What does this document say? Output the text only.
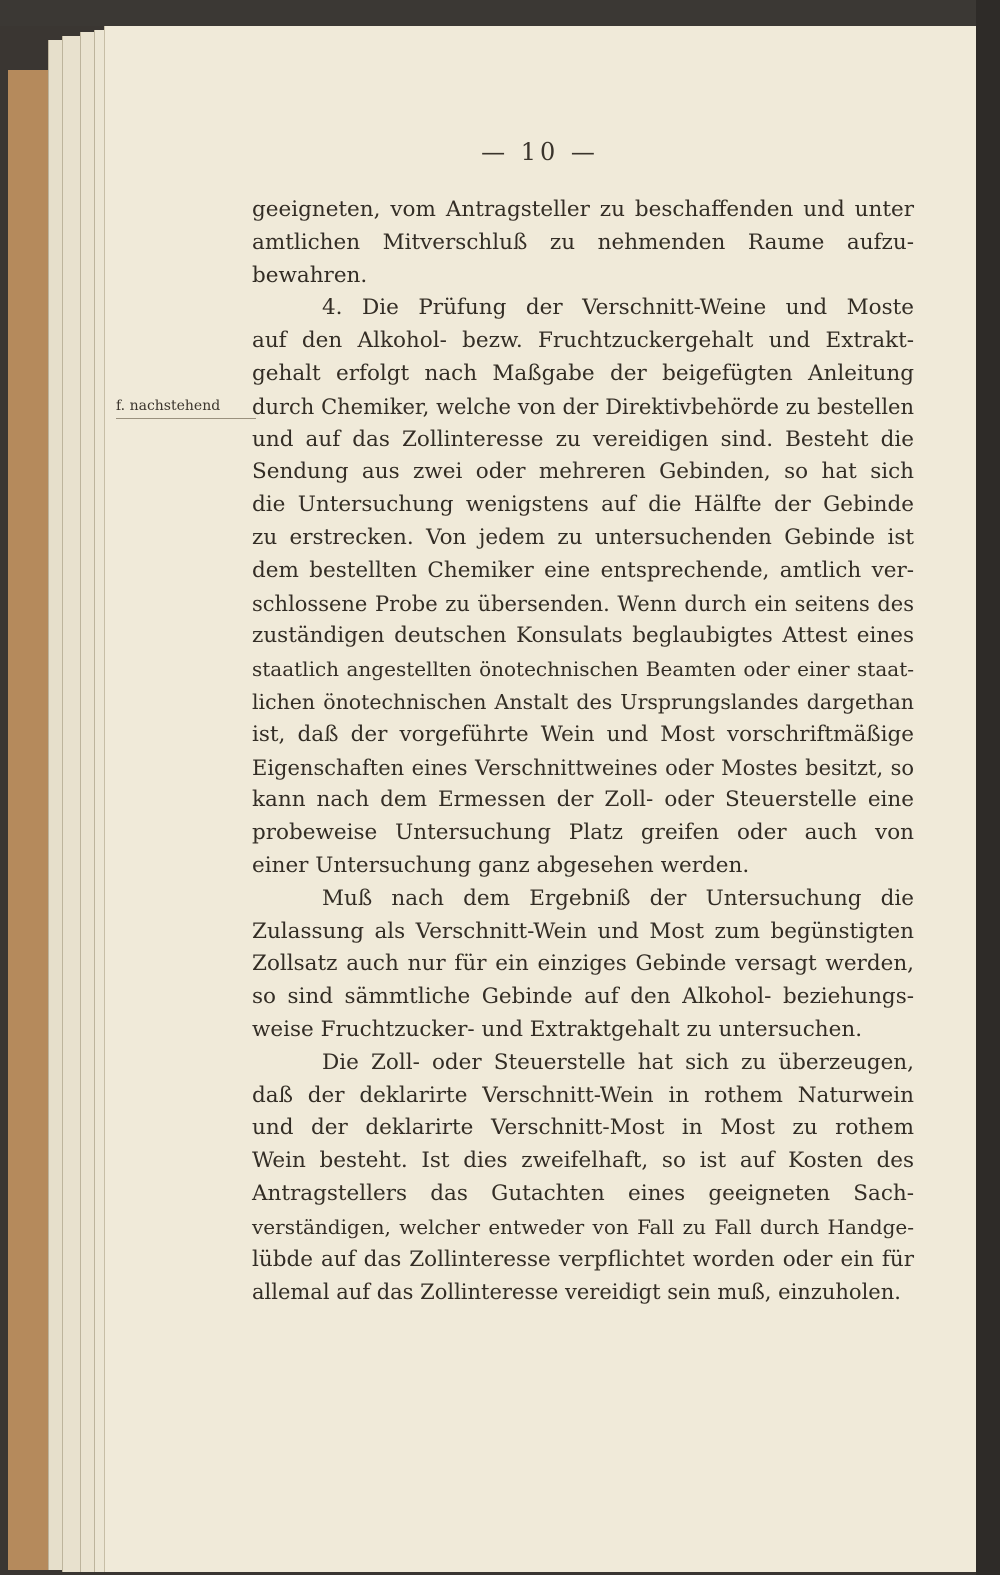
— 10 —
f. nachstehend
geeigneten, vom Antragsteller zu beschaffenden und unter
amtlichen Mitverschluß zu nehmenden Raume aufzu-
bewahren.
4. Die Prüfung der Verschnitt-Weine und Moste
auf den Alkohol- bezw. Fruchtzuckergehalt und Extrakt-
gehalt erfolgt nach Maßgabe der beigefügten Anleitung
durch Chemiker, welche von der Direktivbehörde zu bestellen
und auf das Zollinteresse zu vereidigen sind. Besteht die
Sendung aus zwei oder mehreren Gebinden, so hat sich
die Untersuchung wenigstens auf die Hälfte der Gebinde
zu erstrecken. Von jedem zu untersuchenden Gebinde ist
dem bestellten Chemiker eine entsprechende, amtlich ver-
schlossene Probe zu übersenden. Wenn durch ein seitens des
zuständigen deutschen Konsulats beglaubigtes Attest eines
staatlich angestellten önotechnischen Beamten oder einer staat-
lichen önotechnischen Anstalt des Ursprungslandes dargethan
ist, daß der vorgeführte Wein und Most vorschriftmäßige
Eigenschaften eines Verschnittweines oder Mostes besitzt, so
kann nach dem Ermessen der Zoll- oder Steuerstelle eine
probeweise Untersuchung Platz greifen oder auch von
einer Untersuchung ganz abgesehen werden.
Muß nach dem Ergebniß der Untersuchung die
Zulassung als Verschnitt-Wein und Most zum begünstigten
Zollsatz auch nur für ein einziges Gebinde versagt werden,
so sind sämmtliche Gebinde auf den Alkohol- beziehungs-
weise Fruchtzucker- und Extraktgehalt zu untersuchen.
Die Zoll- oder Steuerstelle hat sich zu überzeugen,
daß der deklarirte Verschnitt-Wein in rothem Naturwein
und der deklarirte Verschnitt-Most in Most zu rothem
Wein besteht. Ist dies zweifelhaft, so ist auf Kosten des
Antragstellers das Gutachten eines geeigneten Sach-
verständigen, welcher entweder von Fall zu Fall durch Handge-
lübde auf das Zollinteresse verpflichtet worden oder ein für
allemal auf das Zollinteresse vereidigt sein muß, einzuholen.
